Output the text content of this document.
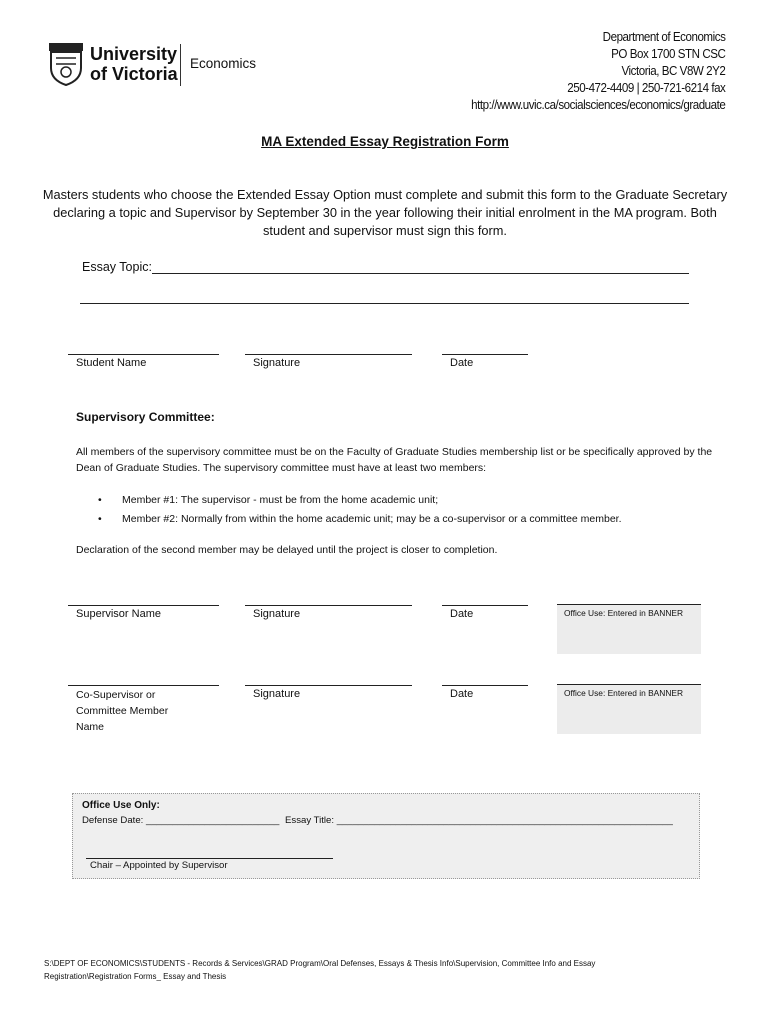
University
of Victoria
Economics
Department of Economics
PO Box 1700 STN CSC
Victoria, BC V8W 2Y2
250-472-4409 | 250-721-6214 fax
http://www.uvic.ca/socialsciences/economics/graduate
MA Extended Essay Registration Form
Masters students who choose the Extended Essay Option must complete and submit this form to the Graduate Secretary declaring a topic and Supervisor by September 30 in the year following their initial enrolment in the MA program. Both student and supervisor must sign this form.
Essay Topic:
Student Name	Signature	Date
Supervisory Committee:
All members of the supervisory committee must be on the Faculty of Graduate Studies membership list or be specifically approved by the Dean of Graduate Studies. The supervisory committee must have at least two members:
• Member #1: The supervisor - must be from the home academic unit;
• Member #2: Normally from within the home academic unit; may be a co-supervisor or a committee member.
Declaration of the second member may be delayed until the project is closer to completion.
Supervisor Name	Signature	Date	Office Use: Entered in BANNER
Co-Supervisor or
Committee Member
Name
Signature	Date	Office Use: Entered in BANNER
Office Use Only:
Defense Date: _________________________ Essay Title: _______________________________________________________________
Chair – Appointed by Supervisor
S:\DEPT OF ECONOMICS\STUDENTS - Records & Services\GRAD Program\Oral Defenses, Essays & Thesis Info\Supervision, Committee Info and Essay Registration\Registration Forms_ Essay and Thesis
